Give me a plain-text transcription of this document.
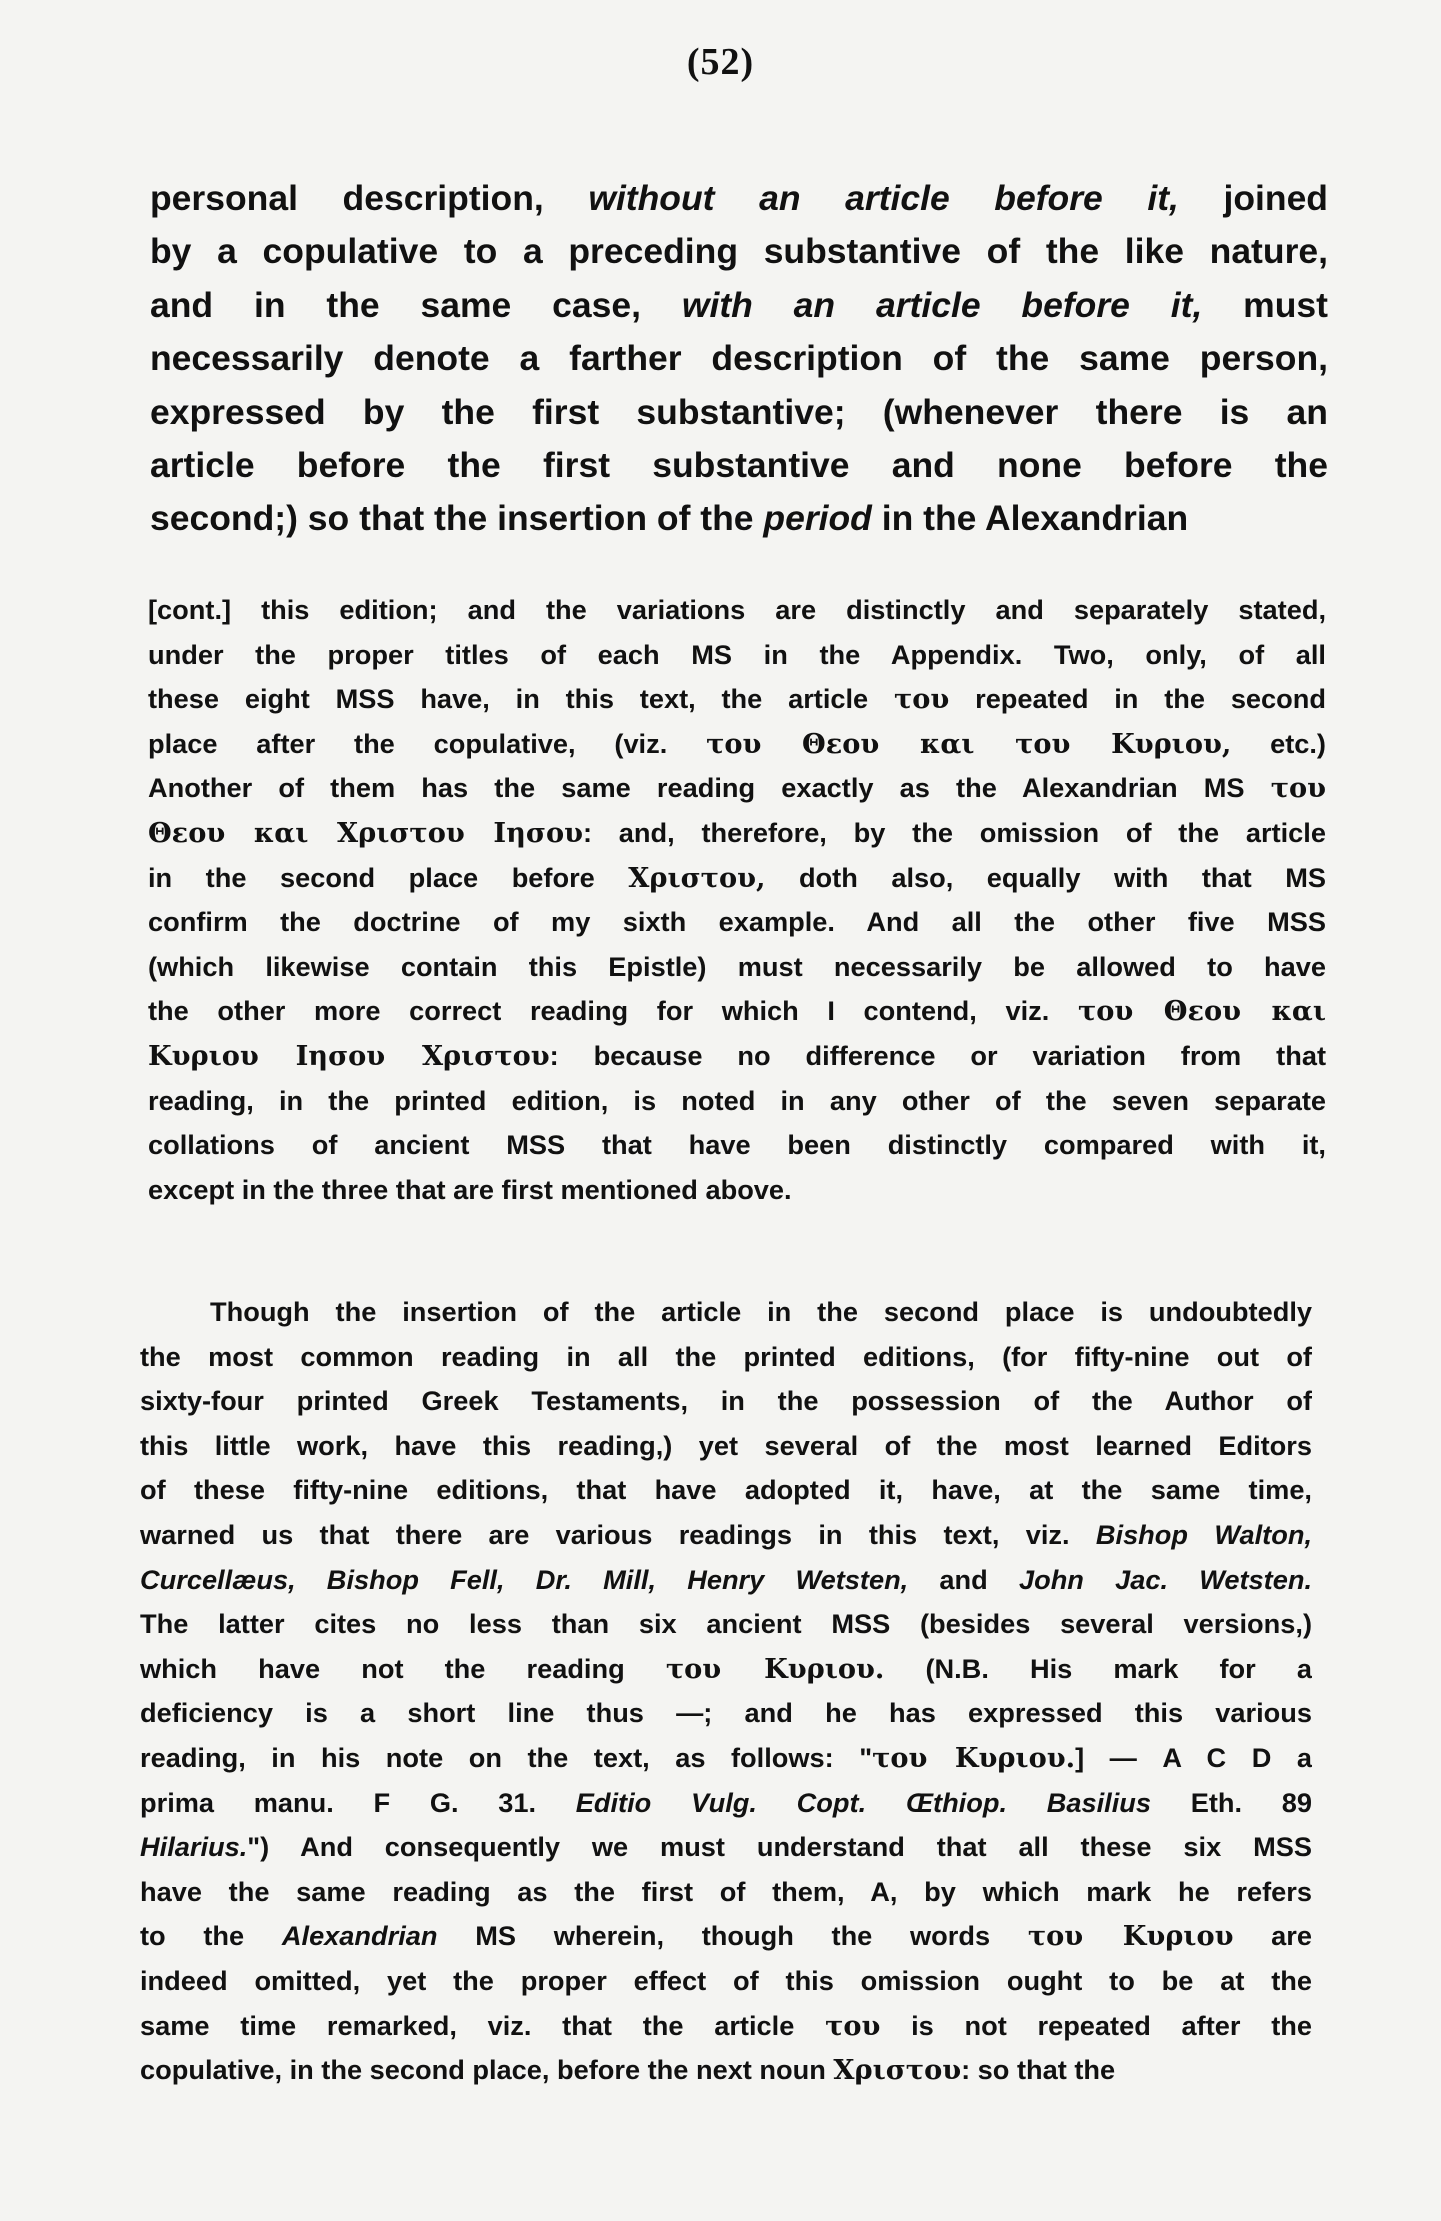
(52)
personal description, without an article before it, joined
by a copulative to a preceding substantive of the like nature,
and in the same case, with an article before it, must
necessarily denote a farther description of the same person,
expressed by the first substantive; (whenever there is an
article before the first substantive and none before the
second;) so that the insertion of the period in the Alexandrian
[cont.] this edition; and the variations are distinctly and separately stated,
under the proper titles of each MS in the Appendix. Two, only, of all
these eight MSS have, in this text, the article του repeated in the second
place after the copulative, (viz. του Θεου και του Κυριου, etc.)
Another of them has the same reading exactly as the Alexandrian MS του
Θεου και Χριστου Ιησου: and, therefore, by the omission of the article
in the second place before Χριστου, doth also, equally with that MS
confirm the doctrine of my sixth example. And all the other five MSS
(which likewise contain this Epistle) must necessarily be allowed to have
the other more correct reading for which I contend, viz. του Θεου και
Κυριου Ιησου Χριστου: because no difference or variation from that
reading, in the printed edition, is noted in any other of the seven separate
collations of ancient MSS that have been distinctly compared with it,
except in the three that are first mentioned above.
Though the insertion of the article in the second place is undoubtedly
the most common reading in all the printed editions, (for fifty-nine out of
sixty-four printed Greek Testaments, in the possession of the Author of
this little work, have this reading,) yet several of the most learned Editors
of these fifty-nine editions, that have adopted it, have, at the same time,
warned us that there are various readings in this text, viz. Bishop Walton,
Curcellæus, Bishop Fell, Dr. Mill, Henry Wetsten, and John Jac. Wetsten.
The latter cites no less than six ancient MSS (besides several versions,)
which have not the reading του Κυριου. (N.B. His mark for a
deficiency is a short line thus —; and he has expressed this various
reading, in his note on the text, as follows: "του Κυριου.] — A C D a
prima manu. F G. 31. Editio Vulg. Copt. Œthiop. Basilius Eth. 89
Hilarius.") And consequently we must understand that all these six MSS
have the same reading as the first of them, A, by which mark he refers
to the Alexandrian MS wherein, though the words του Κυριου are
indeed omitted, yet the proper effect of this omission ought to be at the
same time remarked, viz. that the article του is not repeated after the
copulative, in the second place, before the next noun Χριστου: so that the
